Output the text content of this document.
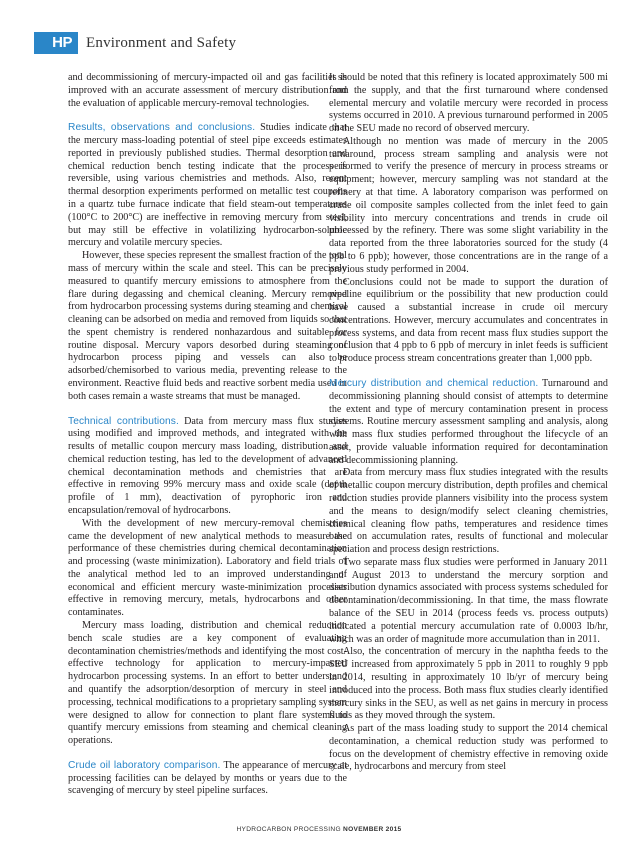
HP Environment and Safety

and decommissioning of mercury-impacted oil and gas facilities is improved with an accurate assessment of mercury distribution and the evaluation of applicable mercury-removal technologies.

Results, observations and conclusions. Studies indicate that the mercury mass-loading potential of steel pipe exceeds estimates reported in previously published studies. Thermal desorption and chemical reduction bench testing indicate that the process is reversible, using various chemistries and methods. Also, recent thermal desorption experiments performed on metallic test coupons in a quartz tube furnace indicate that field steam-out temperatures (100°C to 200°C) are ineffective in removing mercury from steel, but may still be effective in volatilizing hydrocarbon-soluble mercury and volatile mercury species.

However, these species represent the smallest fraction of the total mass of mercury within the scale and steel. This can be precisely measured to quantify mercury emissions to atmosphere from the flare during degassing and chemical cleaning. Mercury removed from hydrocarbon processing systems during steaming and chemical cleaning can be adsorbed on media and removed from liquids so that the spent chemistry is rendered nonhazardous and suitable for routine disposal. Mercury vapors desorbed during steaming of hydrocarbon process piping and vessels can also be adsorbed/chemisorbed to various media, preventing release to the environment. Reactive fluid beds and reactive sorbent media used in both cases remain a waste streams that must be managed.

Technical contributions. Data from mercury mass flux studies using modified and improved methods, and integrated with the results of metallic coupon mercury mass loading, distribution and chemical reduction testing, has led to the development of advanced chemical decontamination methods and chemistries that are effective in removing 99% mercury mass and oxide scale (depth profile of 1 mm), deactivation of pyrophoric iron and encapsulation/removal of hydrocarbons.

With the development of new mercury-removal chemistries came the development of new analytical methods to measure the performance of these chemistries during chemical decontamination and processing (waste minimization). Laboratory and field trials of the analytical method led to an improved understanding of economical and efficient mercury waste-minimization processes effective in removing mercury, metals, hydrocarbons and other contaminates.

Mercury mass loading, distribution and chemical reduction bench scale studies are a key component of evaluating decontamination chemistries/methods and identifying the most cost-effective technology for application to mercury-impacted hydrocarbon processing systems. In an effort to better understand and quantify the adsorption/desorption of mercury in steel and processing, technical modifications to a proprietary sampling system were designed to allow for connection to plant flare systems to quantify mercury emissions from steaming and chemical cleaning operations.

Crude oil laboratory comparison. The appearance of mercury at processing facilities can be delayed by months or years due to the scavenging of mercury by steel pipeline surfaces.

It should be noted that this refinery is located approximately 500 mi from the supply, and that the first turnaround where condensed elemental mercury and volatile mercury were recorded in process systems occurred in 2010. A previous turnaround performed in 2005 on the SEU made no record of observed mercury.

Although no mention was made of mercury in the 2005 turnaround, process stream sampling and analysis were not performed to verify the presence of mercury in process streams or equipment; however, mercury sampling was not standard at the refinery at that time. A laboratory comparison was performed on crude oil composite samples collected from the inlet feed to gain visibility into mercury concentrations and trends in crude oil processed by the refinery. There was some slight variability in the data reported from the three laboratories sourced for the study (4 ppb to 6 ppb); however, those concentrations are in the range of a previous study performed in 2004.

Conclusions could not be made to support the duration of pipeline equilibrium or the possibility that new production could have caused a substantial increase in crude oil mercury concentrations. However, mercury accumulates and concentrates in process systems, and data from recent mass flux studies support the conclusion that 4 ppb to 6 ppb of mercury in inlet feeds is sufficient to produce process stream concentrations greater than 1,000 ppb.

Mercury distribution and chemical reduction. Turnaround and decommissioning planning should consist of attempts to determine the extent and type of mercury contamination present in process systems. Routine mercury assessment sampling and analysis, along with mass flux studies performed throughout the lifecycle of an asset, provide valuable information required for decontamination and decommissioning planning.

Data from mercury mass flux studies integrated with the results of metallic coupon mercury distribution, depth profiles and chemical reduction studies provide planners visibility into the process system and the means to design/modify select cleaning chemistries, chemical cleaning flow paths, temperatures and residence times based on accumulation rates, results of functional and molecular speciation and process design restrictions.

Two separate mass flux studies were performed in January 2011 and August 2013 to understand the mercury sorption and distribution dynamics associated with process systems scheduled for decontamination/decommissioning. In that time, the mass flowrate balance of the SEU in 2014 (process feeds vs. process outputs) indicated a potential mercury accumulation rate of 0.0003 lb/hr, which was an order of magnitude more accumulation than in 2011.

Also, the concentration of mercury in the naphtha feeds to the SEU increased from approximately 5 ppb in 2011 to roughly 9 ppb in 2014, resulting in approximately 10 lb/yr of mercury being introduced into the process. Both mass flux studies clearly identified mercury sinks in the SEU, as well as net gains in mercury in process fluids as they moved through the system.

As part of the mass loading study to support the 2014 chemical decontamination, a chemical reduction study was performed to focus on the development of chemistry effective in removing oxide scale, hydrocarbons and mercury from steel

HYDROCARBON PROCESSING NOVEMBER 2015
